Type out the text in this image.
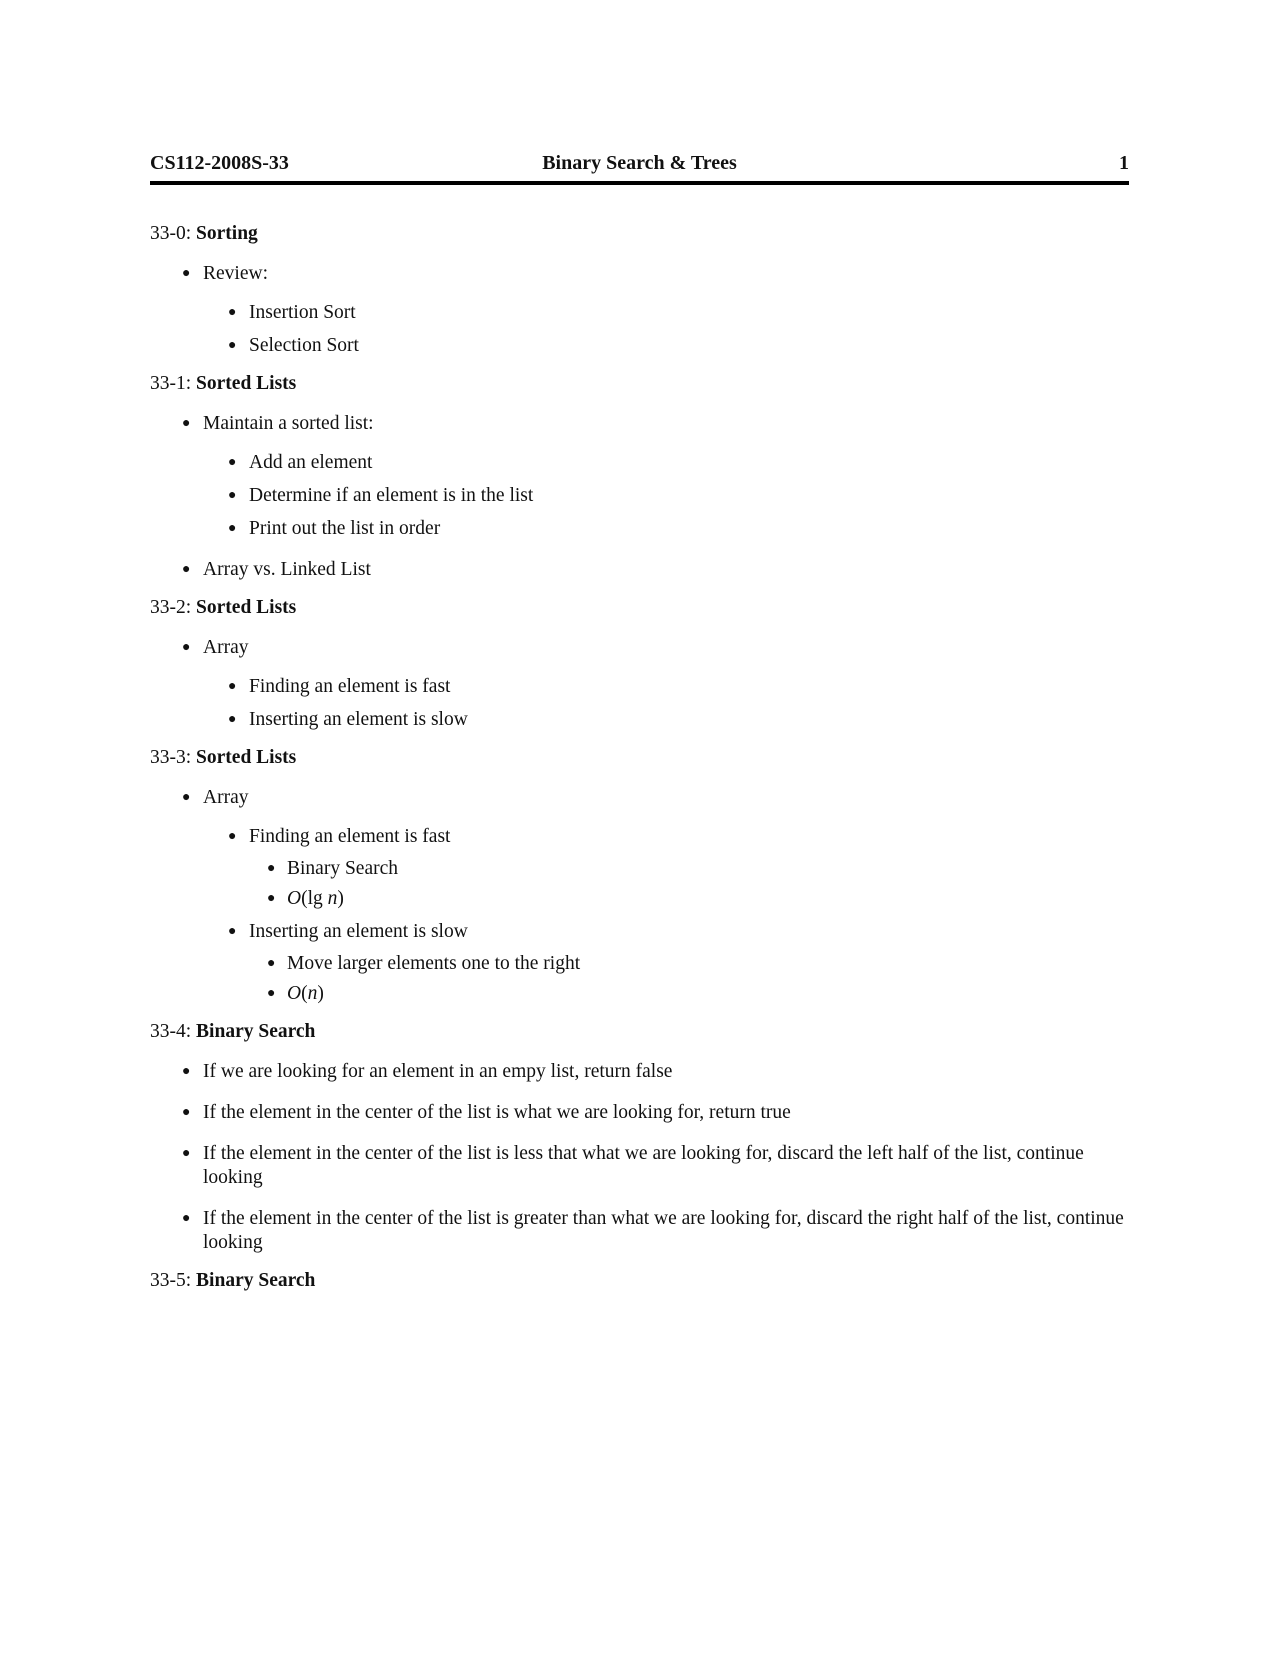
CS112-2008S-33	Binary Search & Trees	1
33-0: Sorting
● Review:
● Insertion Sort
● Selection Sort
33-1: Sorted Lists
● Maintain a sorted list:
● Add an element
● Determine if an element is in the list
● Print out the list in order
● Array vs. Linked List
33-2: Sorted Lists
● Array
● Finding an element is fast
● Inserting an element is slow
33-3: Sorted Lists
● Array
● Finding an element is fast
● Binary Search
● O(lg n)
● Inserting an element is slow
● Move larger elements one to the right
● O(n)
33-4: Binary Search
● If we are looking for an element in an empy list, return false
● If the element in the center of the list is what we are looking for, return true
● If the element in the center of the list is less that what we are looking for, discard the left half of the list, continue looking
● If the element in the center of the list is greater than what we are looking for, discard the right half of the list, continue looking
33-5: Binary Search
